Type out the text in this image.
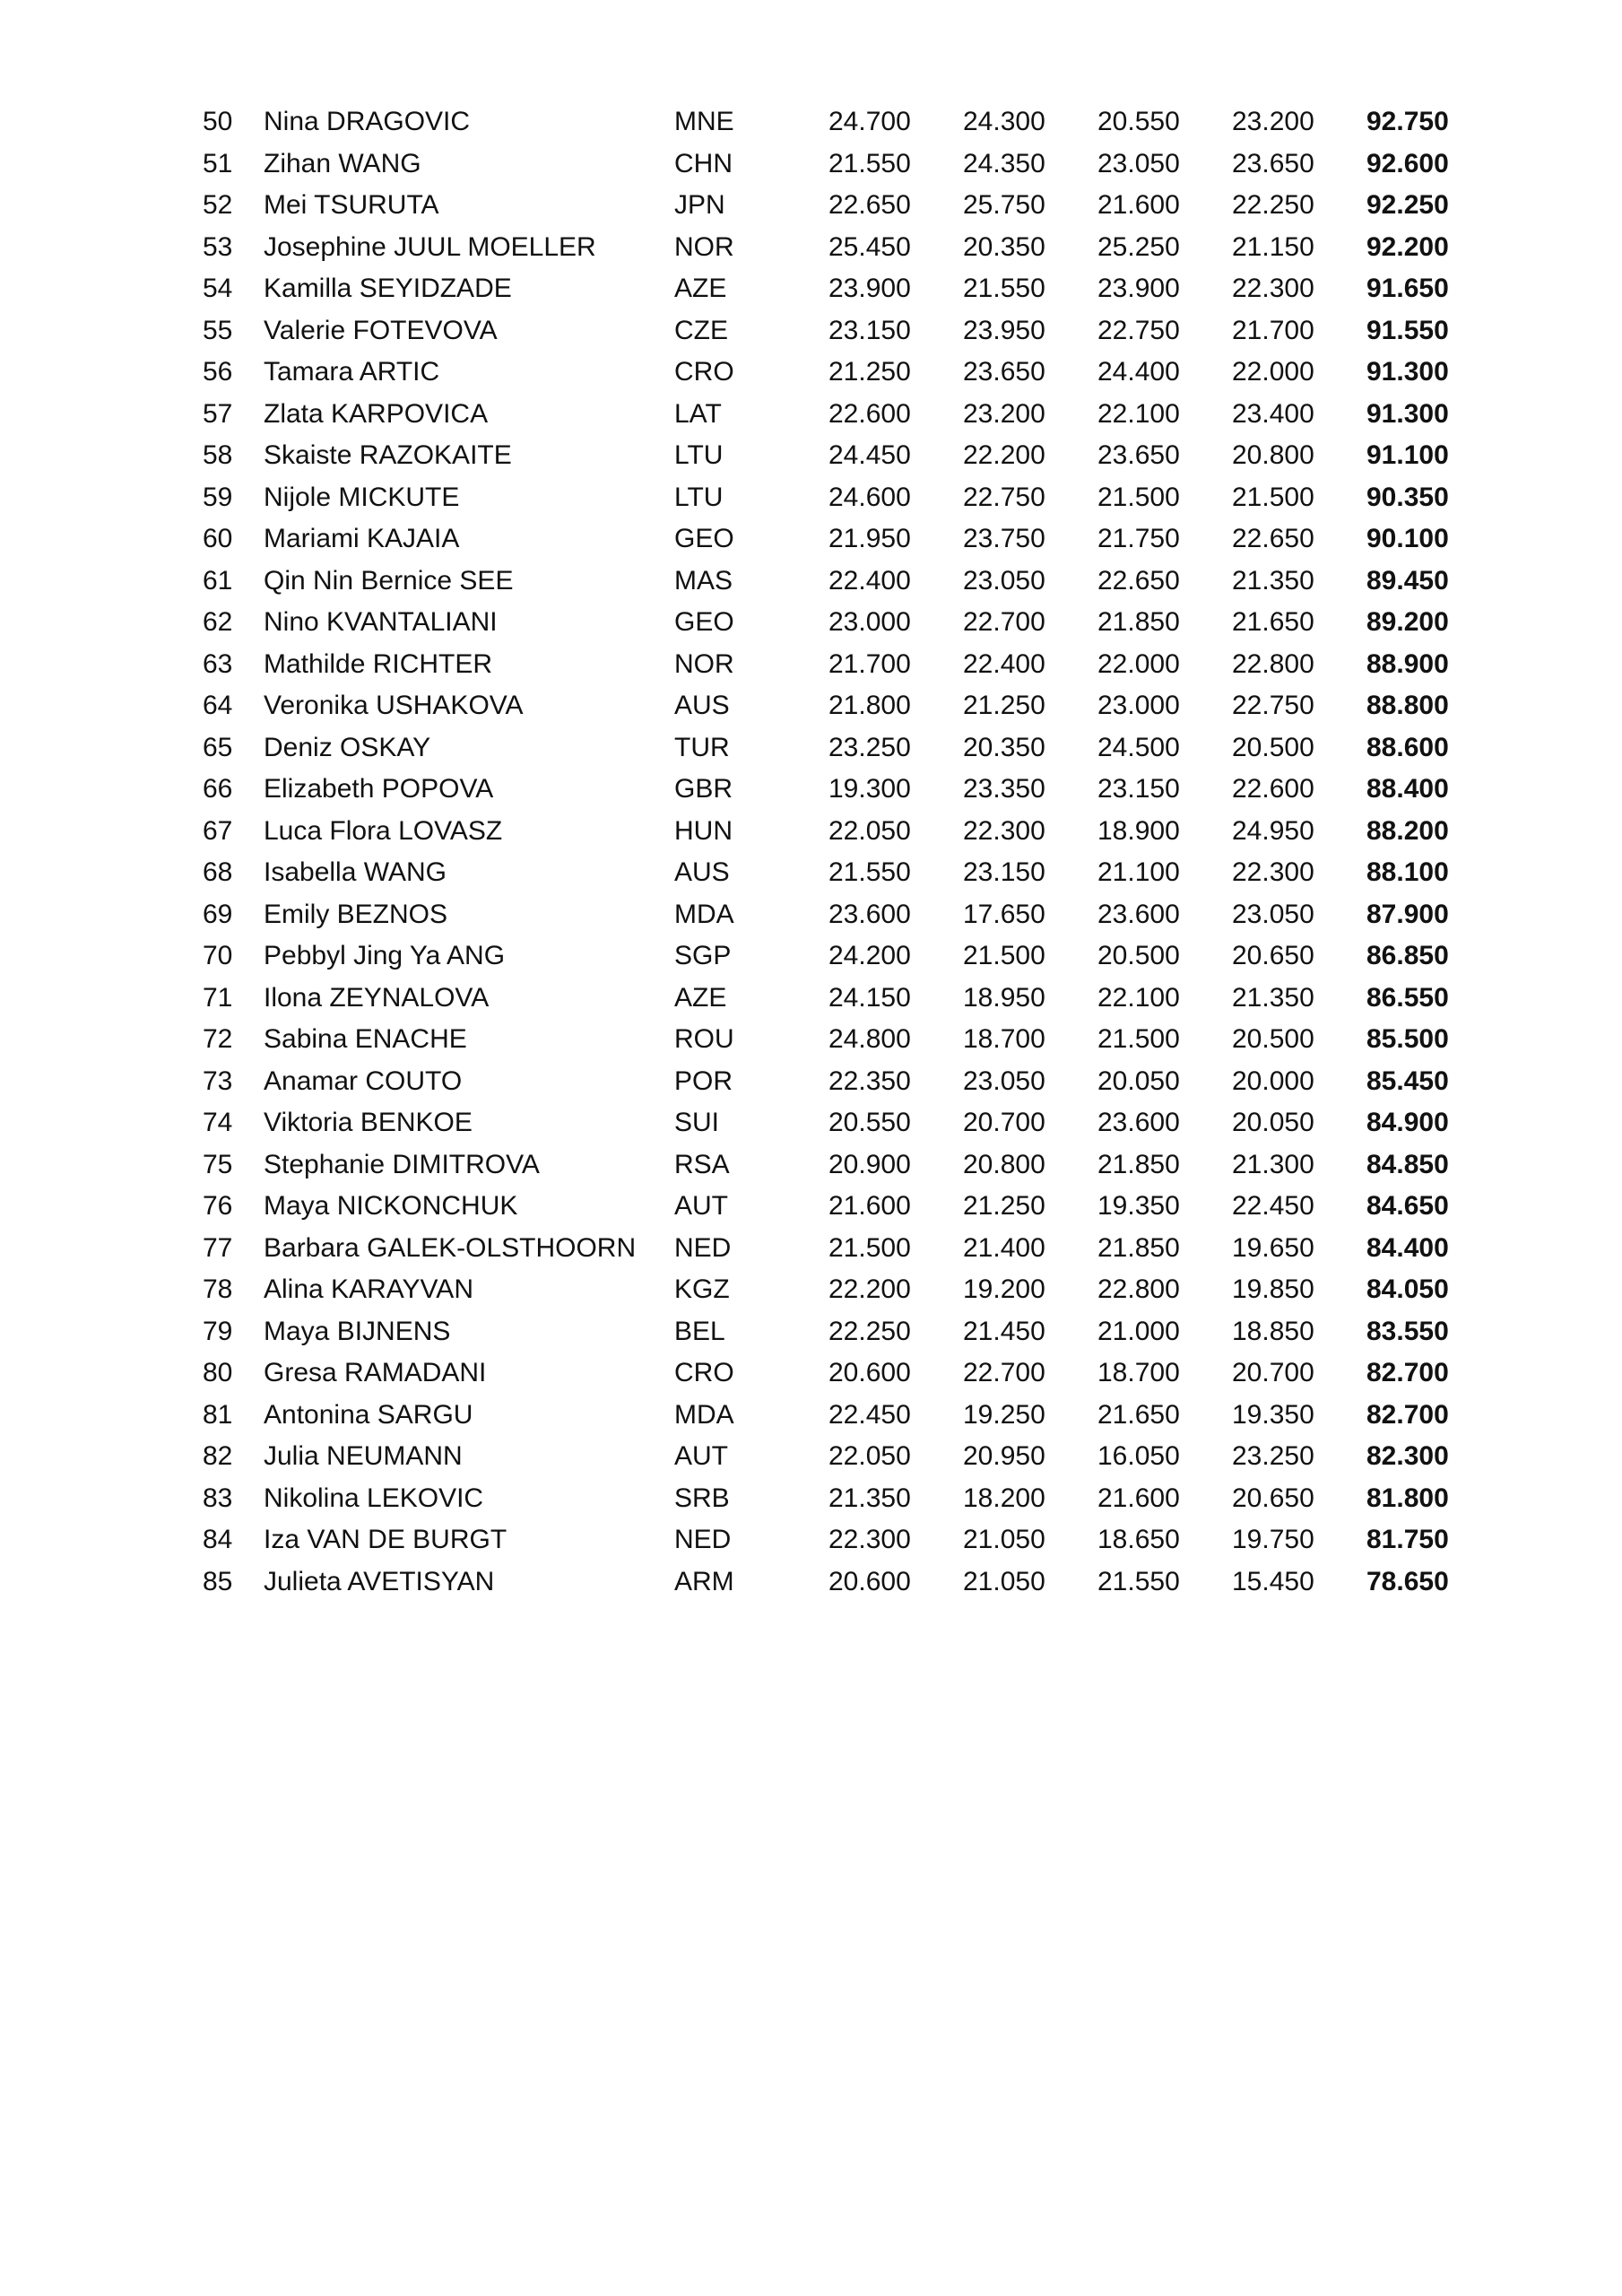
50 Nina DRAGOVIC	MNE	24.700 24.300 20.550 23.200 92.750
51 Zihan WANG	CHN	21.550 24.350 23.050 23.650 92.600
52 Mei TSURUTA	JPN	22.650 25.750 21.600 22.250 92.250
53 Josephine JUUL MOELLER	NOR	25.450 20.350 25.250 21.150 92.200
54 Kamilla SEYIDZADE	AZE	23.900 21.550 23.900 22.300 91.650
55 Valerie FOTEVOVA	CZE	23.150 23.950 22.750 21.700 91.550
56 Tamara ARTIC	CRO	21.250 23.650 24.400 22.000 91.300
57 Zlata KARPOVICA	LAT	22.600 23.200 22.100 23.400 91.300
58 Skaiste RAZOKAITE	LTU	24.450 22.200 23.650 20.800 91.100
59 Nijole MICKUTE	LTU	24.600 22.750 21.500 21.500 90.350
60 Mariami KAJAIA	GEO	21.950 23.750 21.750 22.650 90.100
61 Qin Nin Bernice SEE	MAS	22.400 23.050 22.650 21.350 89.450
62 Nino KVANTALIANI	GEO	23.000 22.700 21.850 21.650 89.200
63 Mathilde RICHTER	NOR	21.700 22.400 22.000 22.800 88.900
64 Veronika USHAKOVA	AUS	21.800 21.250 23.000 22.750 88.800
65 Deniz OSKAY	TUR	23.250 20.350 24.500 20.500 88.600
66 Elizabeth POPOVA	GBR	19.300 23.350 23.150 22.600 88.400
67 Luca Flora LOVASZ	HUN	22.050 22.300 18.900 24.950 88.200
68 Isabella WANG	AUS	21.550 23.150 21.100 22.300 88.100
69 Emily BEZNOS	MDA	23.600 17.650 23.600 23.050 87.900
70 Pebbyl Jing Ya ANG	SGP	24.200 21.500 20.500 20.650 86.850
71 Ilona ZEYNALOVA	AZE	24.150 18.950 22.100 21.350 86.550
72 Sabina ENACHE	ROU	24.800 18.700 21.500 20.500 85.500
73 Anamar COUTO	POR	22.350 23.050 20.050 20.000 85.450
74 Viktoria BENKOE	SUI	20.550 20.700 23.600 20.050 84.900
75 Stephanie DIMITROVA	RSA	20.900 20.800 21.850 21.300 84.850
76 Maya NICKONCHUK	AUT	21.600 21.250 19.350 22.450 84.650
77 Barbara GALEK-OLSTHOORN NED	21.500 21.400 21.850 19.650 84.400
78 Alina KARAYVAN	KGZ	22.200 19.200 22.800 19.850 84.050
79 Maya BIJNENS	BEL	22.250 21.450 21.000 18.850 83.550
80 Gresa RAMADANI	CRO	20.600 22.700 18.700 20.700 82.700
81 Antonina SARGU	MDA	22.450 19.250 21.650 19.350 82.700
82 Julia NEUMANN	AUT	22.050 20.950 16.050 23.250 82.300
83 Nikolina LEKOVIC	SRB	21.350 18.200 21.600 20.650 81.800
84 Iza VAN DE BURGT	NED	22.300 21.050 18.650 19.750 81.750
85 Julieta AVETISYAN	ARM	20.600 21.050 21.550 15.450 78.650
